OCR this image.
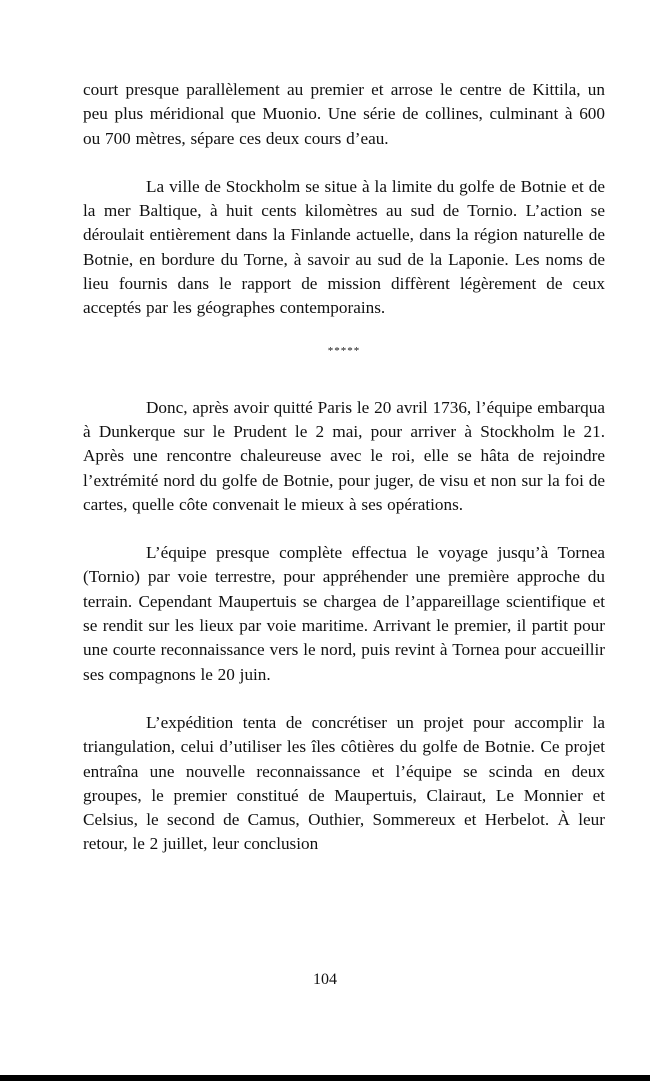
court presque parallèlement au premier et arrose le centre de Kittila, un peu plus méridional que Muonio. Une série de collines, culminant à 600 ou 700 mètres, sépare ces deux cours d’eau.

La ville de Stockholm se situe à la limite du golfe de Botnie et de la mer Baltique, à huit cents kilomètres au sud de Tornio. L’action se déroulait entièrement dans la Finlande actuelle, dans la région naturelle de Botnie, en bordure du Torne, à savoir au sud de la Laponie. Les noms de lieu fournis dans le rapport de mission diffèrent légèrement de ceux acceptés par les géographes contemporains.

*****

Donc, après avoir quitté Paris le 20 avril 1736, l’équipe embarqua à Dunkerque sur le Prudent le 2 mai, pour arriver à Stockholm le 21. Après une rencontre chaleureuse avec le roi, elle se hâta de rejoindre l’extrémité nord du golfe de Botnie, pour juger, de visu et non sur la foi de cartes, quelle côte convenait le mieux à ses opérations.

L’équipe presque complète effectua le voyage jusqu’à Tornea (Tornio) par voie terrestre, pour appréhender une première approche du terrain. Cependant Maupertuis se chargea de l’appareillage scientifique et se rendit sur les lieux par voie maritime. Arrivant le premier, il partit pour une courte reconnaissance vers le nord, puis revint à Tornea pour accueillir ses compagnons le 20 juin.

L’expédition tenta de concrétiser un projet pour accomplir la triangulation, celui d’utiliser les îles côtières du golfe de Botnie. Ce projet entraîna une nouvelle reconnaissance et l’équipe se scinda en deux groupes, le premier constitué de Maupertuis, Clairaut, Le Monnier et Celsius, le second de Camus, Outhier, Sommereux et Herbelot. À leur retour, le 2 juillet, leur conclusion

104
